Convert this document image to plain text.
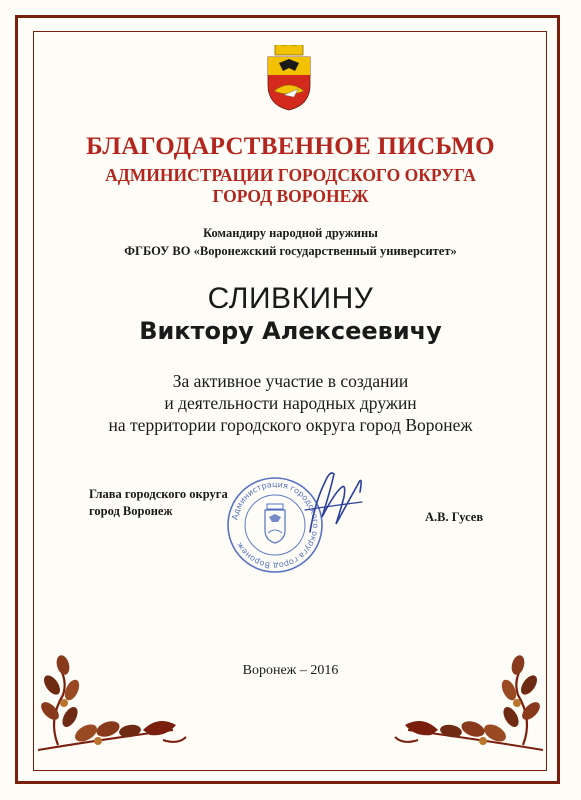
БЛАГОДАРСТВЕННОЕ ПИСЬМО
АДМИНИСТРАЦИИ ГОРОДСКОГО ОКРУГА
ГОРОД ВОРОНЕЖ
Командиру народной дружины
ФГБОУ ВО «Воронежский государственный университет»
СЛИВКИНУ
Виктору Алексеевичу
За активное участие в создании
и деятельности народных дружин
на территории городского округа город Воронеж
Глава городского округа
город Воронеж	Администрация городского округа город Воронеж
А.В. Гусев
Воронеж – 2016
